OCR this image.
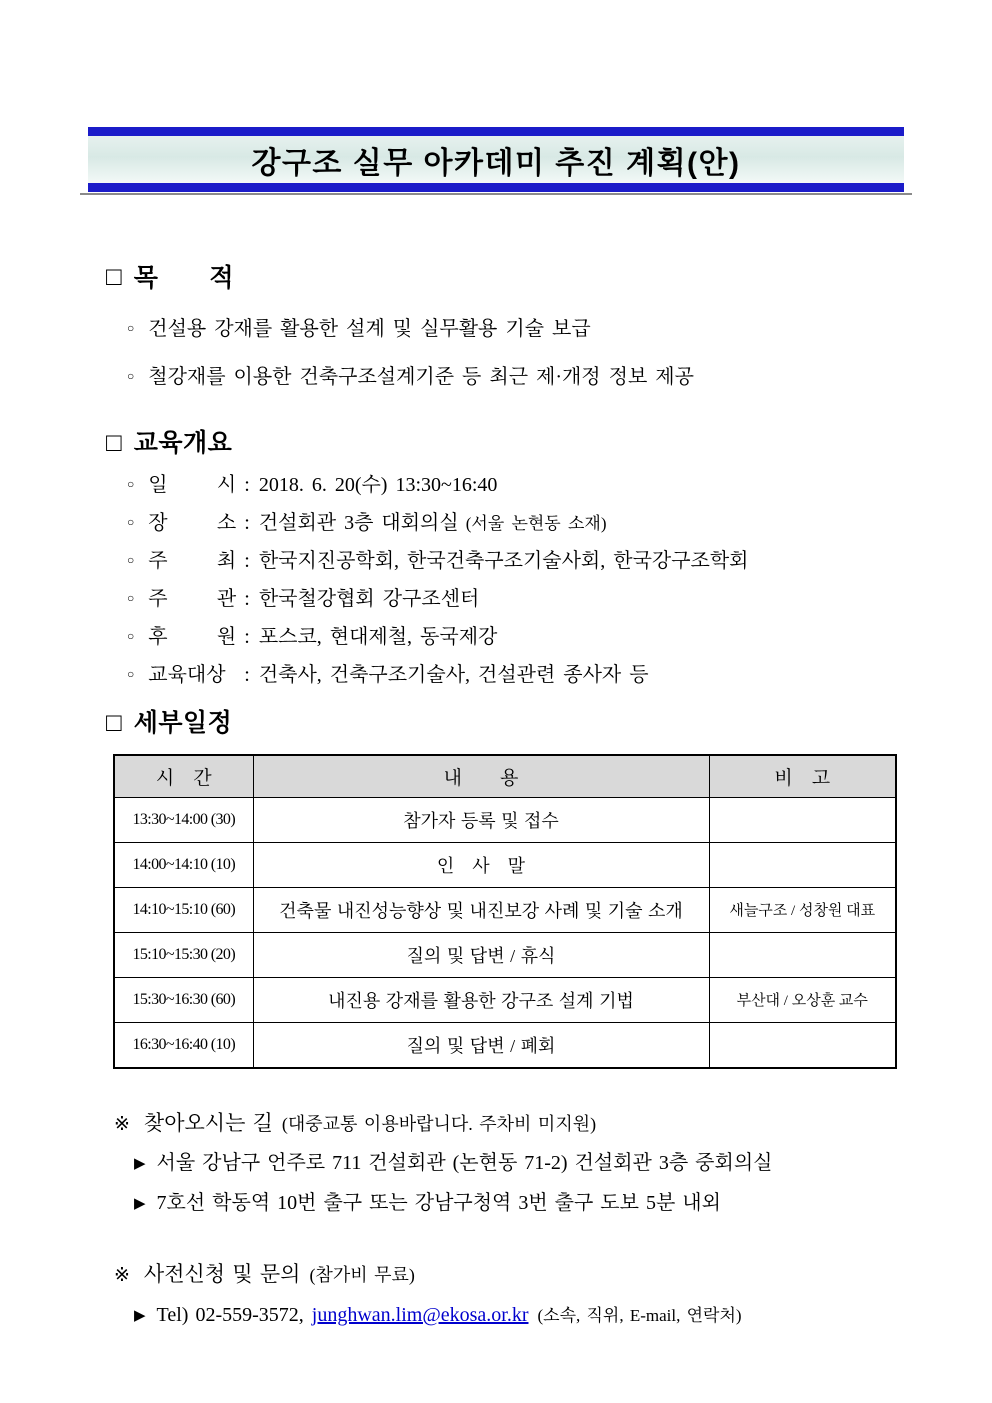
강구조 실무 아카데미 추진 계획(안)
□ 목　　적
○ 건설용 강재를 활용한 설계 및 실무활용 기술 보급
○ 철강재를 이용한 건축구조설계기준 등 최근 제·개정 정보 제공
□ 교육개요
○ 일 시 : 2018. 6. 20(수) 13:30~16:40
○ 장 소 : 건설회관 3층 대회의실 (서울 논현동 소재)
○ 주 최 : 한국지진공학회, 한국건축구조기술사회, 한국강구조학회
○ 주 관 : 한국철강협회 강구조센터
○ 후 원 : 포스코, 현대제철, 동국제강
○ 교육대상 : 건축사, 건축구조기술사, 건설관련 종사자 등
□ 세부일정
시　간	내　　용	비　고
13:30~14:00 (30)	참가자 등록 및 접수	
14:00~14:10 (10)	인　사　말	
14:10~15:10 (60)	건축물 내진성능향상 및 내진보강 사례 및 기술 소개	새늘구조 / 성창원 대표
15:10~15:30 (20)	질의 및 답변 / 휴식	
15:30~16:30 (60)	내진용 강재를 활용한 강구조 설계 기법	부산대 / 오상훈 교수
16:30~16:40 (10)	질의 및 답변 / 폐회	
※ 찾아오시는 길 (대중교통 이용바랍니다. 주차비 미지원)
▶ 서울 강남구 언주로 711 건설회관 (논현동 71-2) 건설회관 3층 중회의실
▶ 7호선 학동역 10번 출구 또는 강남구청역 3번 출구 도보 5분 내외
※ 사전신청 및 문의 (참가비 무료)
▶ Tel) 02-559-3572, junghwan.lim@ekosa.or.kr (소속, 직위, E-mail, 연락처)
